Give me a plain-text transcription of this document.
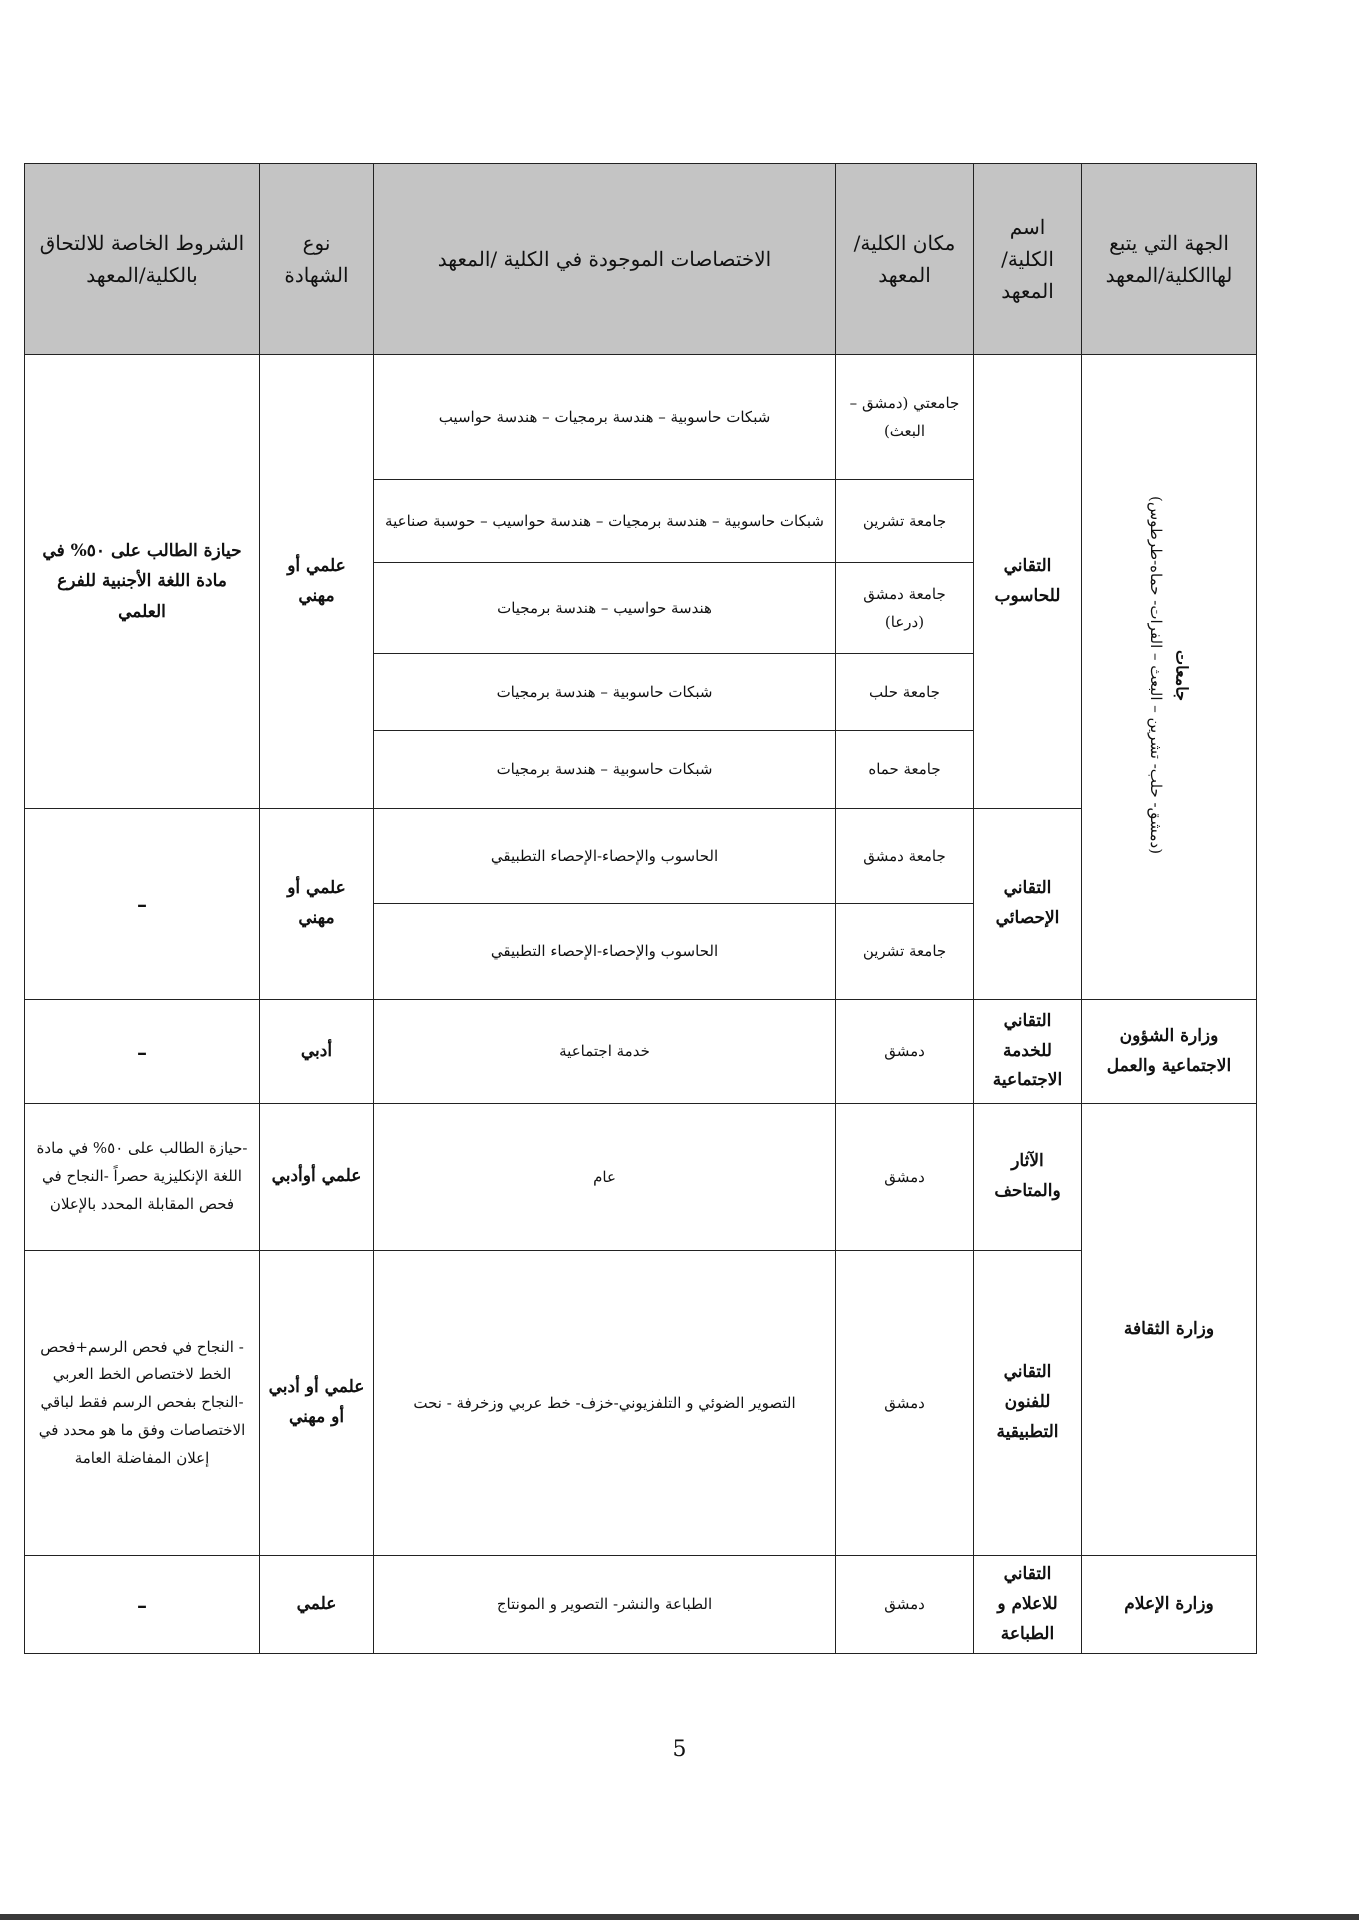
الجهة التي يتبع لهاالكلية/المعهد	اسم الكلية/المعهد	مكان الكلية/المعهد	الاختصاصات الموجودة في الكلية /المعهد	نوع الشهادة	الشروط الخاصة للالتحاق بالكلية/المعهد
جامعات
(دمشق- حلب- تشرين – البعث – الفرات- حماه-طرطوس)	التقاني للحاسوب	جامعتي (دمشق –البعث)	شبكات حاسوبية – هندسة برمجيات – هندسة حواسيب	علمي أو مهني	حيازة الطالب على ٥٠% في مادة اللغة الأجنبية للفرع العلمي
		جامعة تشرين	شبكات حاسوبية – هندسة برمجيات – هندسة حواسيب – حوسبة صناعية		
		جامعة دمشق (درعا)	هندسة حواسيب – هندسة برمجيات		
		جامعة حلب	شبكات حاسوبية – هندسة برمجيات		
		جامعة حماه	شبكات حاسوبية – هندسة برمجيات		
	التقاني الإحصائي	جامعة دمشق	الحاسوب والإحصاء-الإحصاء التطبيقي	علمي أو مهني	–
		جامعة تشرين	الحاسوب والإحصاء-الإحصاء التطبيقي		
وزارة الشؤون الاجتماعية والعمل	التقاني للخدمة الاجتماعية	دمشق	خدمة اجتماعية	أدبي	–
وزارة الثقافة	الآثار والمتاحف	دمشق	عام	علمي أوأدبي	-حيازة الطالب على ٥٠% في مادة اللغة الإنكليزية حصراً -النجاح في فحص المقابلة المحدد بالإعلان
	التقاني للفنون التطبيقية	دمشق	التصوير الضوئي و التلفزيوني-خزف- خط عربي وزخرفة - نحت	علمي أو أدبي أو مهني	- النجاح في فحص الرسم+فحص الخط لاختصاص الخط العربي -النجاح بفحص الرسم فقط لباقي الاختصاصات وفق ما هو محدد في إعلان المفاضلة العامة
وزارة الإعلام	التقاني للاعلام و الطباعة	دمشق	الطباعة والنشر- التصوير و المونتاج	علمي	–
5
